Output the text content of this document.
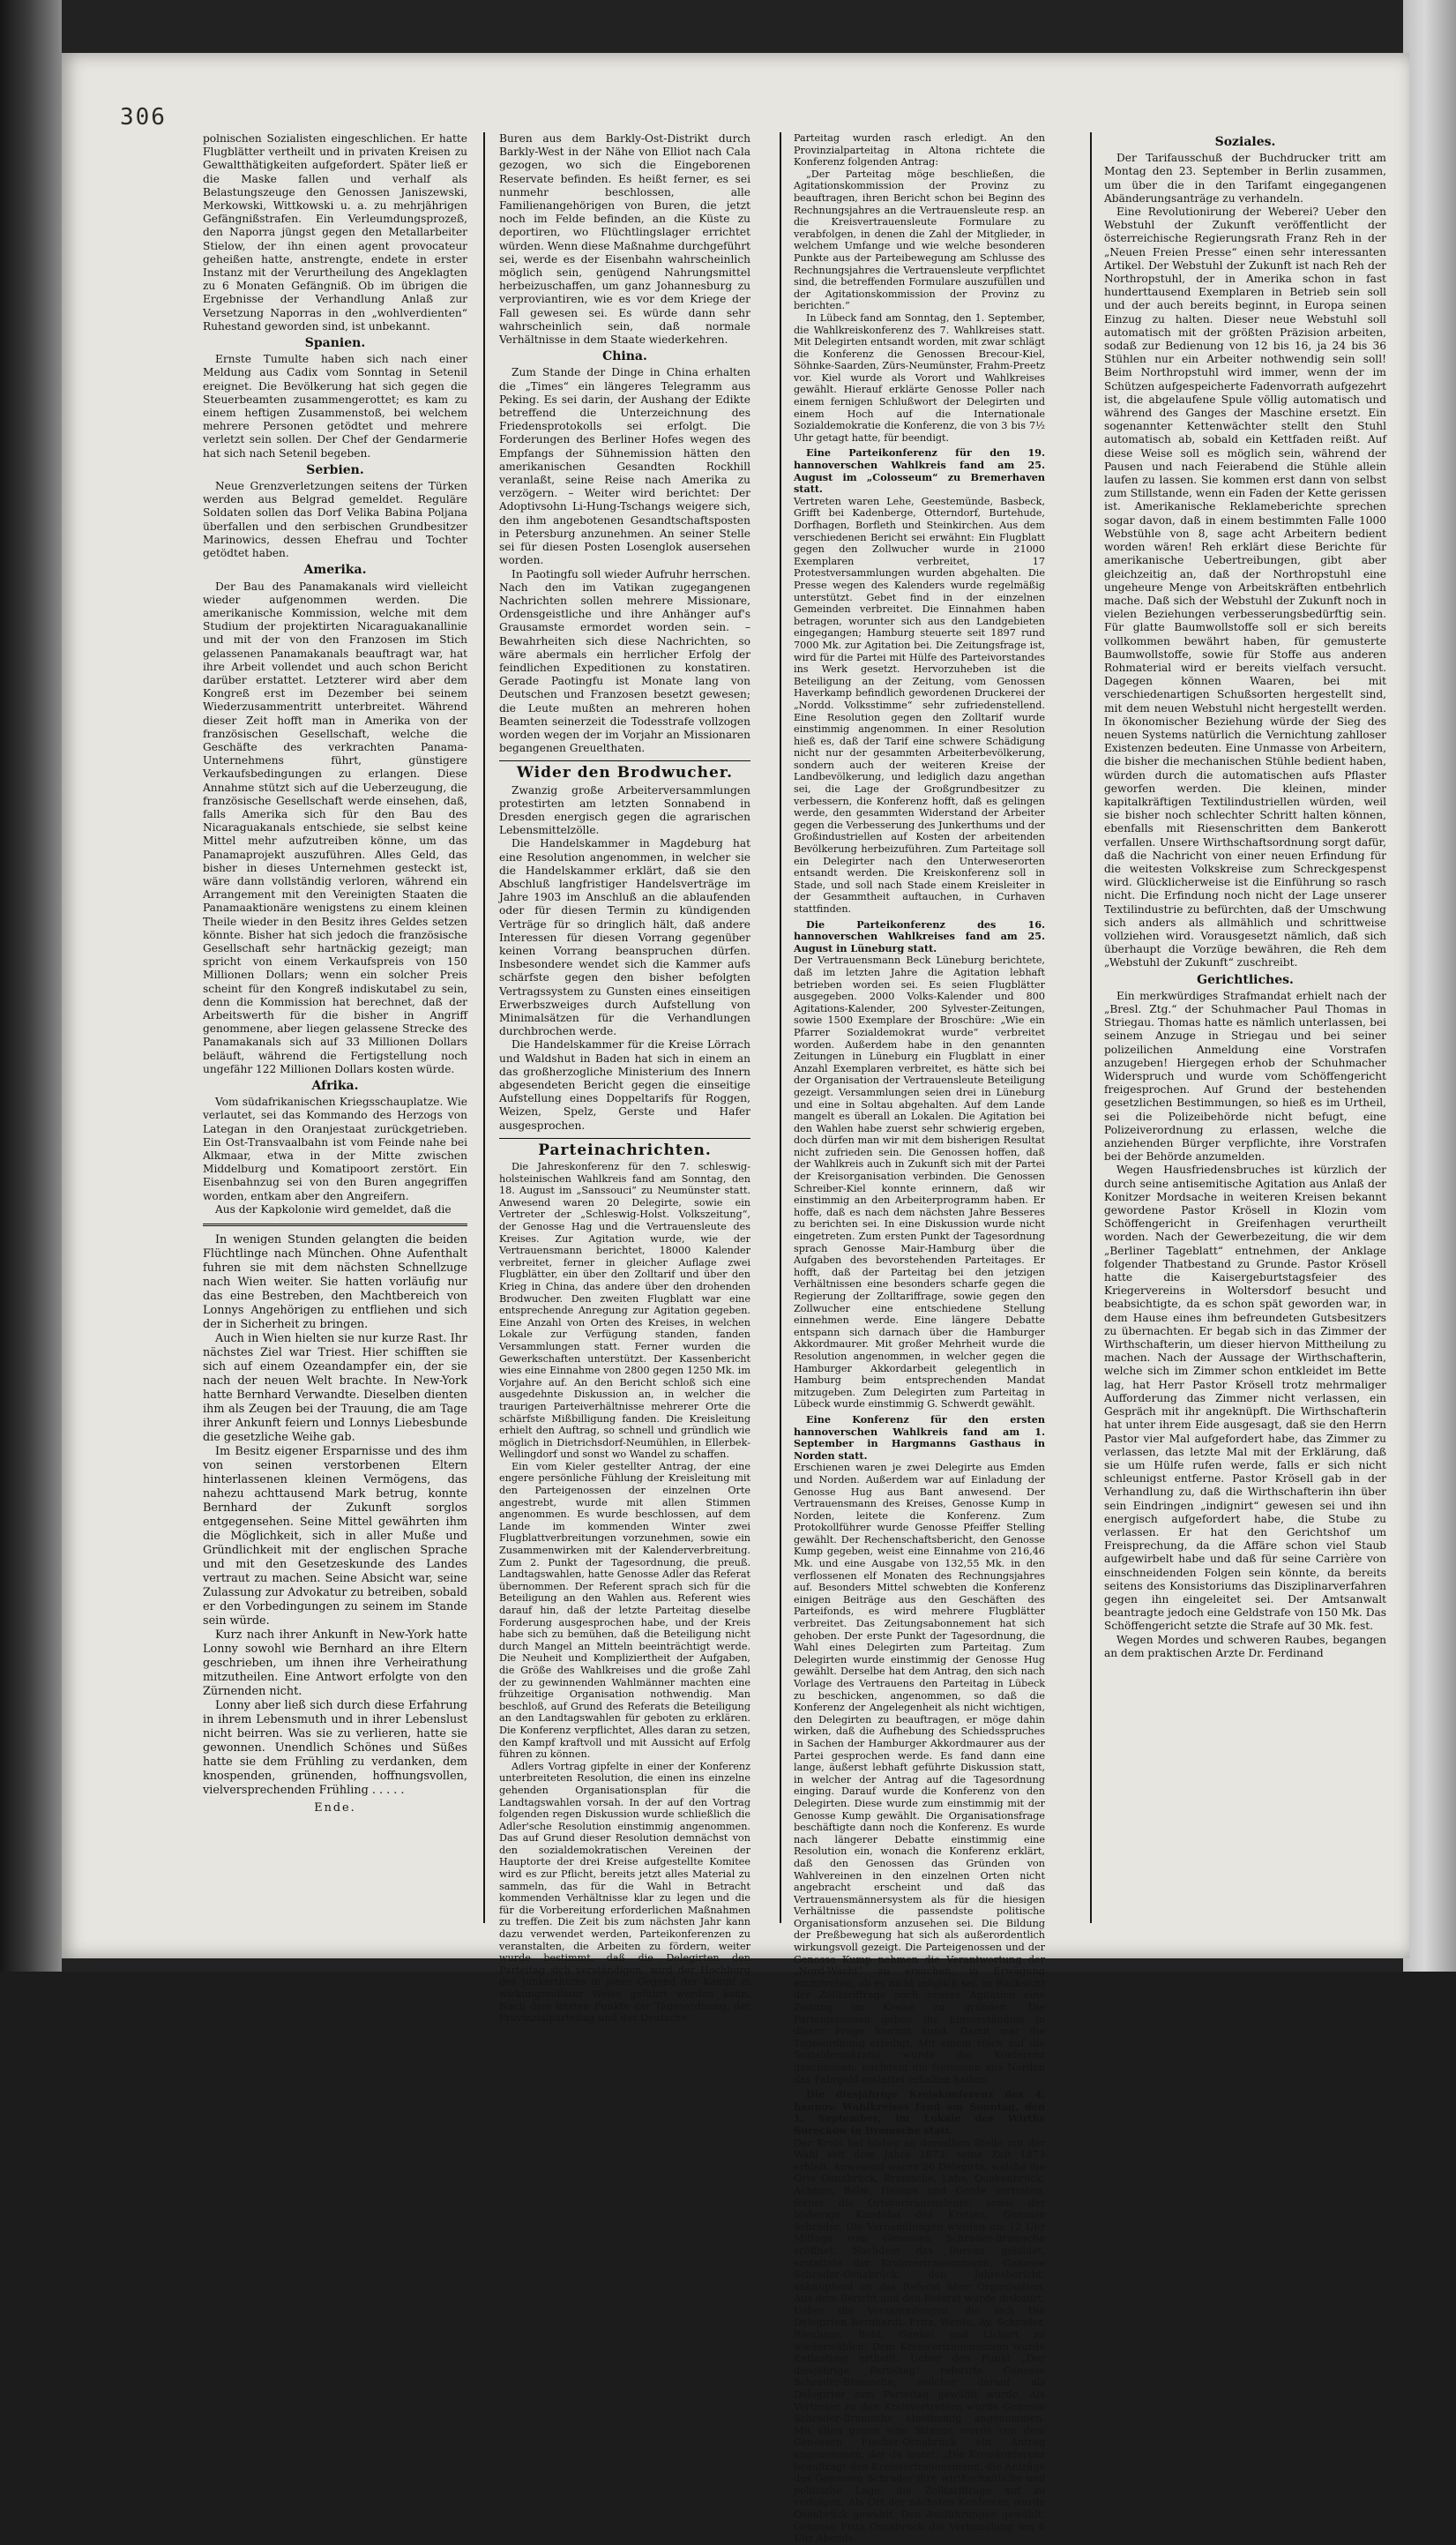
306

polnischen Sozialisten eingeschlichen. Er hatte Flugblätter vertheilt und in privaten Kreisen zu Gewaltthätigkeiten aufgefordert. Später ließ er die Maske fallen und verhalf als Belastungszeuge den Genossen Janiszewski, Merkowski, Wittkowski u. a. zu mehrjährigen Gefängnißstrafen. Ein Verleumdungsprozeß, den Naporra jüngst gegen den Metallarbeiter Stielow, der ihn einen agent provocateur geheißen hatte, anstrengte, endete in erster Instanz mit der Verurtheilung des Angeklagten zu 6 Monaten Gefängniß. Ob im übrigen die Ergebnisse der Verhandlung Anlaß zur Versetzung Naporras in den „wohlverdienten“ Ruhestand geworden sind, ist unbekannt.

Spanien.

Ernste Tumulte haben sich nach einer Meldung aus Cadix vom Sonntag in Setenil ereignet. Die Bevölkerung hat sich gegen die Steuerbeamten zusammengerottet; es kam zu einem heftigen Zusammenstoß, bei welchem mehrere Personen getödtet und mehrere verletzt sein sollen. Der Chef der Gendarmerie hat sich nach Setenil begeben.

Serbien.

Neue Grenzverletzungen seitens der Türken werden aus Belgrad gemeldet. Reguläre Soldaten sollen das Dorf Velika Babina Poljana überfallen und den serbischen Grundbesitzer Marinowics, dessen Ehefrau und Tochter getödtet haben.

Amerika.

Der Bau des Panamakanals wird vielleicht wieder aufgenommen werden. Die amerikanische Kommission, welche mit dem Studium der projektirten Nicaraguakanallinie und mit der von den Franzosen im Stich gelassenen Panamakanals beauftragt war, hat ihre Arbeit vollendet und auch schon Bericht darüber erstattet. Letzterer wird aber dem Kongreß erst im Dezember bei seinem Wiederzusammentritt unterbreitet. Während dieser Zeit hofft man in Amerika von der französischen Gesellschaft, welche die Geschäfte des verkrachten Panama-Unternehmens führt, günstigere Verkaufsbedingungen zu erlangen. Diese Annahme stützt sich auf die Ueberzeugung, die französische Gesellschaft werde einsehen, daß, falls Amerika sich für den Bau des Nicaraguakanals entschiede, sie selbst keine Mittel mehr aufzutreiben könne, um das Panamaprojekt auszuführen. Alles Geld, das bisher in dieses Unternehmen gesteckt ist, wäre dann vollständig verloren, während ein Arrangement mit den Vereinigten Staaten die Panamaaktionäre wenigstens zu einem kleinen Theile wieder in den Besitz ihres Geldes setzen könnte. Bisher hat sich jedoch die französische Gesellschaft sehr hartnäckig gezeigt; man spricht von einem Verkaufspreis von 150 Millionen Dollars; wenn ein solcher Preis scheint für den Kongreß indiskutabel zu sein, denn die Kommission hat berechnet, daß der Arbeitswerth für die bisher in Angriff genommene, aber liegen gelassene Strecke des Panamakanals sich auf 33 Millionen Dollars beläuft, während die Fertigstellung noch ungefähr 122 Millionen Dollars kosten würde.

Afrika.

Vom südafrikanischen Kriegsschauplatze. Wie verlautet, sei das Kommando des Herzogs von Lategan in den Oranjestaat zurückgetrieben. Ein Ost-Transvaalbahn ist vom Feinde nahe bei Alkmaar, etwa in der Mitte zwischen Middelburg und Komatipoort zerstört. Ein Eisenbahnzug sei von den Buren angegriffen worden, entkam aber den Angreifern.

Aus der Kapkolonie wird gemeldet, daß die

In wenigen Stunden gelangten die beiden Flüchtlinge nach München. Ohne Aufenthalt fuhren sie mit dem nächsten Schnellzuge nach Wien weiter. Sie hatten vorläufig nur das eine Bestreben, den Machtbereich von Lonnys Angehörigen zu entfliehen und sich der in Sicherheit zu bringen.

Auch in Wien hielten sie nur kurze Rast. Ihr nächstes Ziel war Triest. Hier schifften sie sich auf einem Ozeandampfer ein, der sie nach der neuen Welt brachte. In New-York hatte Bernhard Verwandte. Dieselben dienten ihm als Zeugen bei der Trauung, die am Tage ihrer Ankunft feiern und Lonnys Liebesbunde die gesetzliche Weihe gab.

Im Besitz eigener Ersparnisse und des ihm von seinen verstorbenen Eltern hinterlassenen kleinen Vermögens, das nahezu achttausend Mark betrug, konnte Bernhard der Zukunft sorglos entgegensehen. Seine Mittel gewährten ihm die Möglichkeit, sich in aller Muße und Gründlichkeit mit der englischen Sprache und mit den Gesetzeskunde des Landes vertraut zu machen. Seine Absicht war, seine Zulassung zur Advokatur zu betreiben, sobald er den Vorbedingungen zu seinem im Stande sein würde.

Kurz nach ihrer Ankunft in New-York hatte Lonny sowohl wie Bernhard an ihre Eltern geschrieben, um ihnen ihre Verheirathung mitzutheilen. Eine Antwort erfolgte von den Zürnenden nicht.

Lonny aber ließ sich durch diese Erfahrung in ihrem Lebensmuth und in ihrer Lebenslust nicht beirren. Was sie zu verlieren, hatte sie gewonnen. Unendlich Schönes und Süßes hatte sie dem Frühling zu verdanken, dem knospenden, grünenden, hoffnungsvollen, vielversprechenden Frühling . . . . .

Ende.

Buren aus dem Barkly-Ost-Distrikt durch Barkly-West in der Nähe von Elliot nach Cala gezogen, wo sich die Eingeborenen Reservate befinden. Es heißt ferner, es sei nunmehr beschlossen, alle Familienangehörigen von Buren, die jetzt noch im Felde befinden, an die Küste zu deportiren, wo Flüchtlingslager errichtet würden. Wenn diese Maßnahme durchgeführt sei, werde es der Eisenbahn wahrscheinlich möglich sein, genügend Nahrungsmittel herbeizuschaffen, um ganz Johannesburg zu verproviantiren, wie es vor dem Kriege der Fall gewesen sei. Es würde dann sehr wahrscheinlich sein, daß normale Verhältnisse in dem Staate wiederkehren.

China.

Zum Stande der Dinge in China erhalten die „Times“ ein längeres Telegramm aus Peking. Es sei darin, der Aushang der Edikte betreffend die Unterzeichnung des Friedensprotokolls sei erfolgt. Die Forderungen des Berliner Hofes wegen des Empfangs der Sühnemission hätten den amerikanischen Gesandten Rockhill veranlaßt, seine Reise nach Amerika zu verzögern. – Weiter wird berichtet: Der Adoptivsohn Li-Hung-Tschangs weigere sich, den ihm angebotenen Gesandtschaftsposten in Petersburg anzunehmen. An seiner Stelle sei für diesen Posten Losenglok ausersehen worden.

In Paotingfu soll wieder Aufruhr herrschen. Nach den im Vatikan zugegangenen Nachrichten sollen mehrere Missionare, Ordensgeistliche und ihre Anhänger auf's Grausamste ermordet worden sein. – Bewahrheiten sich diese Nachrichten, so wäre abermals ein herrlicher Erfolg der feindlichen Expeditionen zu konstatiren. Gerade Paotingfu ist Monate lang von Deutschen und Franzosen besetzt gewesen; die Leute mußten an mehreren hohen Beamten seinerzeit die Todesstrafe vollzogen worden wegen der im Vorjahr an Missionaren begangenen Greuelthaten.

Wider den Brodwucher.

Zwanzig große Arbeiterversammlungen protestirten am letzten Sonnabend in Dresden energisch gegen die agrarischen Lebensmittelzölle.

Die Handelskammer in Magdeburg hat eine Resolution angenommen, in welcher sie die Handelskammer erklärt, daß sie den Abschluß langfristiger Handelsverträge im Jahre 1903 im Anschluß an die ablaufenden oder für diesen Termin zu kündigenden Verträge für so dringlich hält, daß andere Interessen für diesen Vorrang gegenüber keinen Vorrang beanspruchen dürfen. Insbesondere wendet sich die Kammer aufs schärfste gegen den bisher befolgten Vertragssystem zu Gunsten eines einseitigen Erwerbszweiges durch Aufstellung von Minimalsätzen für die Verhandlungen durchbrochen werde.

Die Handelskammer für die Kreise Lörrach und Waldshut in Baden hat sich in einem an das großherzogliche Ministerium des Innern abgesendeten Bericht gegen die einseitige Aufstellung eines Doppeltarifs für Roggen, Weizen, Spelz, Gerste und Hafer ausgesprochen.

Parteinachrichten.

Die Jahreskonferenz für den 7. schleswig-holsteinischen Wahlkreis fand am Sonntag, den 18. August im „Sanssouci“ zu Neumünster statt. Anwesend waren 20 Delegirte, sowie ein Vertreter der „Schleswig-Holst. Volkszeitung“, der Genosse Hag und die Vertrauensleute des Kreises. Zur Agitation wurde, wie der Vertrauensmann berichtet, 18000 Kalender verbreitet, ferner in gleicher Auflage zwei Flugblätter, ein über den Zolltarif und über den Krieg in China, das andere über den drohenden Brodwucher. Den zweiten Flugblatt war eine entsprechende Anregung zur Agitation gegeben. Eine Anzahl von Orten des Kreises, in welchen Lokale zur Verfügung standen, fanden Versammlungen statt. Ferner wurden die Gewerkschaften unterstützt. Der Kassenbericht wies eine Einnahme von 2800 gegen 1250 Mk. im Vorjahre auf. An den Bericht schloß sich eine ausgedehnte Diskussion an, in welcher die traurigen Parteiverhältnisse mehrerer Orte die schärfste Mißbilligung fanden. Die Kreisleitung erhielt den Auftrag, so schnell und gründlich wie möglich in Dietrichsdorf-Neumühlen, in Ellerbek-Wellingdorf und sonst wo Wandel zu schaffen.

Ein vom Kieler gestellter Antrag, der eine engere persönliche Fühlung der Kreisleitung mit den Parteigenossen der einzelnen Orte angestrebt, wurde mit allen Stimmen angenommen. Es wurde beschlossen, auf dem Lande im kommenden Winter zwei Flugblattverbreitungen vorzunehmen, sowie ein Zusammenwirken mit der Kalenderverbreitung. Zum 2. Punkt der Tagesordnung, die preuß. Landtagswahlen, hatte Genosse Adler das Referat übernommen. Der Referent sprach sich für die Beteiligung an den Wahlen aus. Referent wies darauf hin, daß der letzte Parteitag dieselbe Forderung ausgesprochen habe, und der Kreis habe sich zu bemühen, daß die Beteiligung nicht durch Mangel an Mitteln beeinträchtigt werde. Die Neuheit und Kompliziertheit der Aufgaben, die Größe des Wahlkreises und die große Zahl der zu gewinnenden Wahlmänner machten eine frühzeitige Organisation nothwendig. Man beschloß, auf Grund des Referats die Beteiligung an den Landtagswahlen für geboten zu erklären. Die Konferenz verpflichtet, Alles daran zu setzen, den Kampf kraftvoll und mit Aussicht auf Erfolg führen zu können.

Adlers Vortrag gipfelte in einer der Konferenz unterbreiteten Resolution, die einen ins einzelne gehenden Organisationsplan für die Landtagswahlen vorsah. In der auf den Vortrag folgenden regen Diskussion wurde schließlich die Adler'sche Resolution einstimmig angenommen. Das auf Grund dieser Resolution demnächst von den sozialdemokratischen Vereinen der Hauptorte der drei Kreise aufgestellte Komitee wird es zur Pflicht, bereits jetzt alles Material zu sammeln, das für die Wahl in Betracht kommenden Verhältnisse klar zu legen und die für die Vorbereitung erforderlichen Maßnahmen zu treffen. Die Zeit bis zum nächsten Jahr kann dazu verwendet werden, Parteikonferenzen zu veranstalten, die Arbeiten zu fördern, weiter wurde bestimmt, daß die Delegirten den Parteitag sich verständigen, wird der Hochburg des Junkerthums in jener Gegend der Kampf in wirkungsvollster Weise geführt werden kann. Nach dem letzten Punkte der Tagesordnung, der Provinzialparteitag und der Deutsche

Parteitag wurden rasch erledigt. An den Provinzialparteitag in Altona richtete die Konferenz folgenden Antrag:

„Der Parteitag möge beschließen, die Agitationskommission der Provinz zu beauftragen, ihren Bericht schon bei Beginn des Rechnungsjahres an die Vertrauensleute resp. an die Kreisvertrauensleute Formulare zu verabfolgen, in denen die Zahl der Mitglieder, in welchem Umfange und wie welche besonderen Punkte aus der Parteibewegung am Schlusse des Rechnungsjahres die Vertrauensleute verpflichtet sind, die betreffenden Formulare auszufüllen und der Agitationskommission der Provinz zu berichten.“

In Lübeck fand am Sonntag, den 1. September, die Wahlkreiskonferenz des 7. Wahlkreises statt. Mit Delegirten entsandt worden, mit zwar schlägt die Konferenz die Genossen Brecour-Kiel, Söhnke-Saarden, Zürs-Neumünster, Frahm-Preetz vor. Kiel wurde als Vorort und Wahlkreises gewählt. Hierauf erklärte Genosse Poller nach einem fernigen Schlußwort der Delegirten und einem Hoch auf die Internationale Sozialdemokratie die Konferenz, die von 3 bis 7½ Uhr getagt hatte, für beendigt.

Eine Parteikonferenz für den 19. hannoverschen Wahlkreis fand am 25. August im „Colosseum“ zu Bremerhaven statt.

Vertreten waren Lehe, Geestemünde, Basbeck, Grifft bei Kadenberge, Otterndorf, Burtehude, Dorfhagen, Borfleth und Steinkirchen. Aus dem verschiedenen Bericht sei erwähnt: Ein Flugblatt gegen den Zollwucher wurde in 21000 Exemplaren verbreitet, 17 Protestversammlungen wurden abgehalten. Die Presse wegen des Kalenders wurde regelmäßig unterstützt. Gebet find in der einzelnen Gemeinden verbreitet. Die Einnahmen haben betragen, worunter sich aus den Landgebieten eingegangen; Hamburg steuerte seit 1897 rund 7000 Mk. zur Agitation bei. Die Zeitungsfrage ist, wird für die Partei mit Hülfe des Parteivorstandes ins Werk gesetzt. Hervorzuheben ist die Beteiligung an der Zeitung, vom Genossen Haverkamp befindlich gewordenen Druckerei der „Nordd. Volksstimme“ sehr zufriedenstellend. Eine Resolution gegen den Zolltarif wurde einstimmig angenommen. In einer Resolution hieß es, daß der Tarif eine schwere Schädigung nicht nur der gesammten Arbeiterbevölkerung, sondern auch der weiteren Kreise der Landbevölkerung, und lediglich dazu angethan sei, die Lage der Großgrundbesitzer zu verbessern, die Konferenz hofft, daß es gelingen werde, den gesammten Widerstand der Arbeiter gegen die Verbesserung des Junkerthums und der Großindustriellen auf Kosten der arbeitenden Bevölkerung herbeizuführen. Zum Parteitage soll ein Delegirter nach den Unterweserorten entsandt werden. Die Kreiskonferenz soll in Stade, und soll nach Stade einem Kreisleiter in der Gesammtheit auftauchen, in Curhaven stattfinden.

Die Parteikonferenz des 16. hannoverschen Wahlkreises fand am 25. August in Lüneburg statt.

Der Vertrauensmann Beck Lüneburg berichtete, daß im letzten Jahre die Agitation lebhaft betrieben worden sei. Es seien Flugblätter ausgegeben. 2000 Volks-Kalender und 800 Agitations-Kalender, 200 Sylvester-Zeitungen, sowie 1500 Exemplare der Broschüre: „Wie ein Pfarrer Sozialdemokrat wurde“ verbreitet worden. Außerdem habe in den genannten Zeitungen in Lüneburg ein Flugblatt in einer Anzahl Exemplaren verbreitet, es hätte sich bei der Organisation der Vertrauensleute Beteiligung gezeigt. Versammlungen seien drei in Lüneburg und eine in Soltau abgehalten. Auf dem Lande mangelt es überall an Lokalen. Die Agitation bei den Wahlen habe zuerst sehr schwierig ergeben, doch dürfen man wir mit dem bisherigen Resultat nicht zufrieden sein. Die Genossen hoffen, daß der Wahlkreis auch in Zukunft sich mit der Partei der Kreisorganisation verbinden. Die Genossen Schreiber-Kiel konnte erinnern, daß wir einstimmig an den Arbeiterprogramm haben. Er hoffe, daß es nach dem nächsten Jahre Besseres zu berichten sei. In eine Diskussion wurde nicht eingetreten. Zum ersten Punkt der Tagesordnung sprach Genosse Mair-Hamburg über die Aufgaben des bevorstehenden Parteitages. Er hofft, daß der Parteitag bei den jetzigen Verhältnissen eine besonders scharfe gegen die Regierung der Zolltariffrage, sowie gegen den Zollwucher eine entschiedene Stellung einnehmen werde. Eine längere Debatte entspann sich darnach über die Hamburger Akkordmaurer. Mit großer Mehrheit wurde die Resolution angenommen, in welcher gegen die Hamburger Akkordarbeit gelegentlich in Hamburg beim entsprechenden Mandat mitzugeben. Zum Delegirten zum Parteitag in Lübeck wurde einstimmig G. Schwerdt gewählt.

Eine Konferenz für den ersten hannoverschen Wahlkreis fand am 1. September in Hargmanns Gasthaus in Norden statt.

Erschienen waren je zwei Delegirte aus Emden und Norden. Außerdem war auf Einladung der Genosse Hug aus Bant anwesend. Der Vertrauensmann des Kreises, Genosse Kump in Norden, leitete die Konferenz. Zum Protokollführer wurde Genosse Pfeiffer Stelling gewählt. Der Rechenschaftsbericht, den Genosse Kump gegeben, weist eine Einnahme von 216,46 Mk. und eine Ausgabe von 132,55 Mk. in den verflossenen elf Monaten des Rechnungsjahres auf. Besonders Mittel schwebten die Konferenz einigen Beiträge aus den Geschäften des Parteifonds, es wird mehrere Flugblätter verbreitet. Das Zeitungsabonnement hat sich gehoben. Der erste Punkt der Tagesordnung, die Wahl eines Delegirten zum Parteitag. Zum Delegirten wurde einstimmig der Genosse Hug gewählt. Derselbe hat dem Antrag, den sich nach Vorlage des Vertrauens den Parteitag in Lübeck zu beschicken, angenommen, so daß die Konferenz der Angelegenheit als nicht wichtigen, den Delegirten zu beauftragen, er möge dahin wirken, daß die Aufhebung des Schiedsspruches in Sachen der Hamburger Akkordmaurer aus der Partei gesprochen werde. Es fand dann eine lange, äußerst lebhaft geführte Diskussion statt, in welcher der Antrag auf die Tagesordnung einging. Darauf wurde die Konferenz von den Delegirten. Diese wurde zum einstimmig mit der Genosse Kump gewählt. Die Organisationsfrage beschäftigte dann noch die Konferenz. Es wurde nach längerer Debatte einstimmig eine Resolution ein, wonach die Konferenz erklärt, daß den Genossen das Gründen von Wahlvereinen in den einzelnen Orten nicht angebracht erscheint und daß das Vertrauensmännersystem als für die hiesigen Verhältnisse die passendste politische Organisationsform anzusehen sei. Die Bildung der Preßbewegung hat sich als außerordentlich wirkungsvoll gezeigt. Die Parteigenossen und der Genosse Kump nehmen die Verantwortung der „Nord-Wacht“ zu ersuchen, in Erwägung einzutreten, ob es nicht möglich sei, in Rücksicht der Zolltariffrage noch unsere Agitation eine Zeitung im Kreise zu gründen. Die Parteigenossen gaben ihr Einverständnis in dieser Frage hiermit kund. Damit war die Tagesordnung erledigt. Mit einem Hoch auf die Sozialdemokratie wurde die Konferenz geschlossen, nachdem die Genossen aus Norden das Fahrgeld erstattet erhalten hatten.

Die diesjährige Kreiskonferenz des 4. hannov. Wahlkreises fand am Sonntag, den 1. September, im Lokale des Wirths Sureckow in Bramsche statt.

Der Kreis hat bisher an derselben Stelle mit der Wahl seit dem Jahre 1873, seine Zeit 1873 erhielt. Anwesend waren 26 Delegirte, welche die Orte Osnabrück, Bramsche, Lahe, Quakenbrück, Achmer, Belm, Hesepe und Gerde vertraten, ferner die Ortsvertrauensleute, sowie der bisherige Kandidat des Kreises, Genosse Schrader. Die Verhandlungen wurden um 12 Uhr Mittags vom Genossen Schrader-Bramsche eröffnet. Nachdem das Bureau gebildet, erstattete der Kreisvertrauensmann, Genosse Schrader-Osnabrück, den Jahresbericht, anknüpfend an das Referat über Organisation. Aus dem Bericht und den Referat wurde diskutirt. Ueber die Versammlungen, die sich Die Delegirten Bernhardt, Fritz, Wente, Ay, Schrader, Rienhaus, Bohl, Gunkel und Lickert zu wiederwählen. Dem Kreisvertrauensmann wurde Entlastung ertheilt. Ueber den Punkt „Der diesjährige Parteitag“ referirte Genosse Schrader-Bramsche, welcher darauf als Delegirter zum Parteitag gewählt wurde. Als Vertreter zu den Kreisvertretern wurde Genosse Schrader-Bramsche einstimmig angenommen. Mit allen gegen eine Stimme wurde von dem Genossen Fischer-Osnabrück ein Antrag angenommen, der da lautet: „Die Kreiskonferenz beauftragt den Kreisvertrauensmann, die Anträge des Genossen Schrader ihre wirthschaftliche und politische Lage, die Zolltariffrage auf zu verfolgen. Als Ort der nächsten Konferenz wurde Osnabrück gewählt. Den Ausführungen gewählt: Genosse Fritz Osnabrück die Verhandlung um 6 Uhr Abends.

Soziales.

Der Tarifausschuß der Buchdrucker tritt am Montag den 23. September in Berlin zusammen, um über die in den Tarifamt eingegangenen Abänderungsanträge zu verhandeln.

Eine Revolutionirung der Weberei? Ueber den Webstuhl der Zukunft veröffentlicht der österreichische Regierungsrath Franz Reh in der „Neuen Freien Presse“ einen sehr interessanten Artikel. Der Webstuhl der Zukunft ist nach Reh der Northropstuhl, der in Amerika schon in fast hunderttausend Exemplaren in Betrieb sein soll und der auch bereits beginnt, in Europa seinen Einzug zu halten. Dieser neue Webstuhl soll automatisch mit der größten Präzision arbeiten, sodaß zur Bedienung von 12 bis 16, ja 24 bis 36 Stühlen nur ein Arbeiter nothwendig sein soll! Beim Northropstuhl wird immer, wenn der im Schützen aufgespeicherte Fadenvorrath aufgezehrt ist, die abgelaufene Spule völlig automatisch und während des Ganges der Maschine ersetzt. Ein sogenannter Kettenwächter stellt den Stuhl automatisch ab, sobald ein Kettfaden reißt. Auf diese Weise soll es möglich sein, während der Pausen und nach Feierabend die Stühle allein laufen zu lassen. Sie kommen erst dann von selbst zum Stillstande, wenn ein Faden der Kette gerissen ist. Amerikanische Reklameberichte sprechen sogar davon, daß in einem bestimmten Falle 1000 Webstühle von 8, sage acht Arbeitern bedient worden wären! Reh erklärt diese Berichte für amerikanische Uebertreibungen, gibt aber gleichzeitig an, daß der Northropstuhl eine ungeheure Menge von Arbeitskräften entbehrlich mache. Daß sich der Webstuhl der Zukunft noch in vielen Beziehungen verbesserungsbedürftig sein. Für glatte Baumwollstoffe soll er sich bereits vollkommen bewährt haben, für gemusterte Baumwollstoffe, sowie für Stoffe aus anderen Rohmaterial wird er bereits vielfach versucht. Dagegen können Waaren, bei mit verschiedenartigen Schußsorten hergestellt sind, mit dem neuen Webstuhl nicht hergestellt werden. In ökonomischer Beziehung würde der Sieg des neuen Systems natürlich die Vernichtung zahlloser Existenzen bedeuten. Eine Unmasse von Arbeitern, die bisher die mechanischen Stühle bedient haben, würden durch die automatischen aufs Pflaster geworfen werden. Die kleinen, minder kapitalkräftigen Textilindustriellen würden, weil sie bisher noch schlechter Schritt halten können, ebenfalls mit Riesenschritten dem Bankerott verfallen. Unsere Wirthschaftsordnung sorgt dafür, daß die Nachricht von einer neuen Erfindung für die weitesten Volkskreise zum Schreckgespenst wird. Glücklicherweise ist die Einführung so rasch nicht. Die Erfindung noch nicht der Lage unserer Textilindustrie zu befürchten, daß der Umschwung sich anders als allmählich und schrittweise vollziehen wird. Vorausgesetzt nämlich, daß sich überhaupt die Vorzüge bewähren, die Reh dem „Webstuhl der Zukunft“ zuschreibt.

Gerichtliches.

Ein merkwürdiges Strafmandat erhielt nach der „Bresl. Ztg.“ der Schuhmacher Paul Thomas in Striegau. Thomas hatte es nämlich unterlassen, bei seinem Anzuge in Striegau und bei seiner polizeilichen Anmeldung eine Vorstrafen anzugeben! Hiergegen erhob der Schuhmacher Widerspruch und wurde vom Schöffengericht freigesprochen. Auf Grund der bestehenden gesetzlichen Bestimmungen, so hieß es im Urtheil, sei die Polizeibehörde nicht befugt, eine Polizeiverordnung zu erlassen, welche die anziehenden Bürger verpflichte, ihre Vorstrafen bei der Behörde anzumelden.

Wegen Hausfriedensbruches ist kürzlich der durch seine antisemitische Agitation aus Anlaß der Konitzer Mordsache in weiteren Kreisen bekannt gewordene Pastor Krösell in Klozin vom Schöffengericht in Greifenhagen verurtheilt worden. Nach der Gewerbezeitung, die wir dem „Berliner Tageblatt“ entnehmen, der Anklage folgender Thatbestand zu Grunde. Pastor Krösell hatte die Kaisergeburtstagsfeier des Kriegervereins in Woltersdorf besucht und beabsichtigte, da es schon spät geworden war, in dem Hause eines ihm befreundeten Gutsbesitzers zu übernachten. Er begab sich in das Zimmer der Wirthschafterin, um dieser hiervon Mittheilung zu machen. Nach der Aussage der Wirthschafterin, welche sich im Zimmer schon entkleidet im Bette lag, hat Herr Pastor Krösell trotz mehrmaliger Aufforderung das Zimmer nicht verlassen, ein Gespräch mit ihr angeknüpft. Die Wirthschafterin hat unter ihrem Eide ausgesagt, daß sie den Herrn Pastor vier Mal aufgefordert habe, das Zimmer zu verlassen, das letzte Mal mit der Erklärung, daß sie um Hülfe rufen werde, falls er sich nicht schleunigst entferne. Pastor Krösell gab in der Verhandlung zu, daß die Wirthschafterin ihn über sein Eindringen „indignirt“ gewesen sei und ihn energisch aufgefordert habe, die Stube zu verlassen. Er hat den Gerichtshof um Freisprechung, da die Affäre schon viel Staub aufgewirbelt habe und daß für seine Carrière von einschneidenden Folgen sein könnte, da bereits seitens des Konsistoriums das Disziplinarverfahren gegen ihn eingeleitet sei. Der Amtsanwalt beantragte jedoch eine Geldstrafe von 150 Mk. Das Schöffengericht setzte die Strafe auf 30 Mk. fest.

Wegen Mordes und schweren Raubes, begangen an dem praktischen Arzte Dr. Ferdinand
